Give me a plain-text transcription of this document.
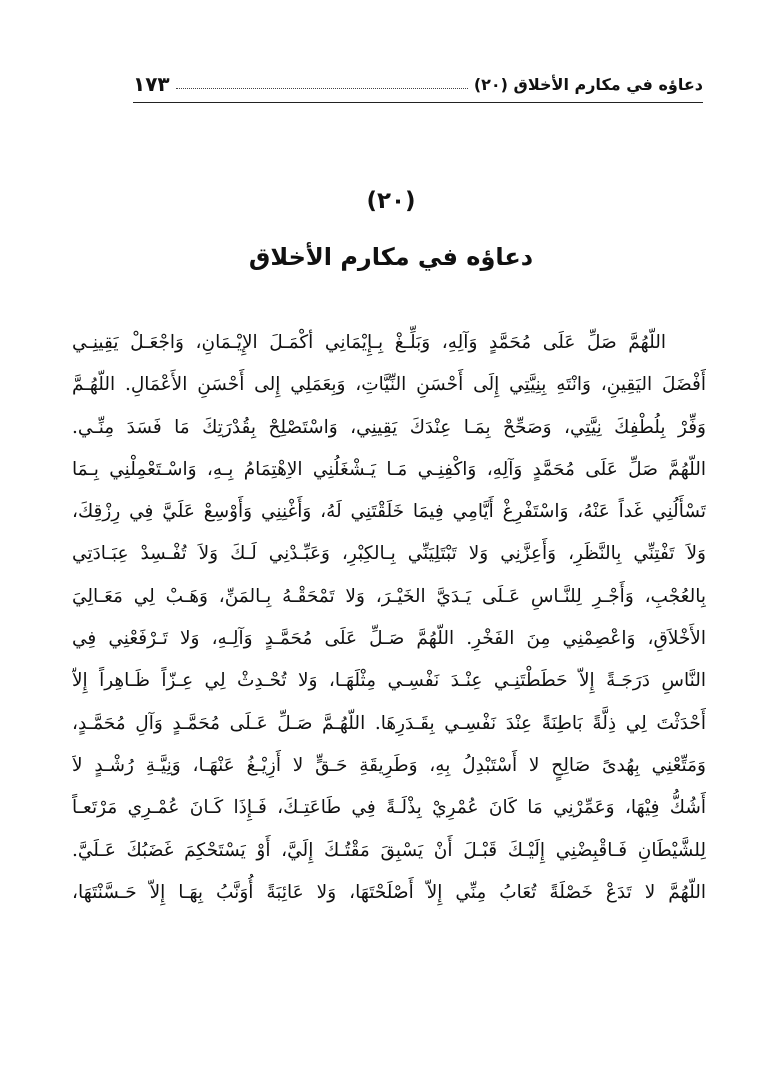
دعاؤه في مكارم الأخلاق (٢٠)
١٧٣
(٢٠)
دعاؤه في مكارم الأخلاق

اللّهُمَّ صَلِّ عَلَى مُحَمَّدٍ وَآلِهِ، وَبَلِّـغْ بِـإِيْمَانِي أكْمَـلَ الإِيْـمَانِ، وَاجْعَـلْ يَقِينِـي
أَفْضَلَ اليَقِينِ، وَانْتَهِ بِنِيَّتِي إِلَى أَحْسَنِ النِّيَّاتِ، وَبِعَمَلِي إِلى أَحْسَنِ الأَعْمَالِ. اللّهُـمَّ
وَفِّرْ بِلُطْفِكَ نِيَّتِي، وَصَحِّحْ بِمَـا عِنْدَكَ يَقِينِي، وَاسْتَصْلِحْ بِقُدْرَتِكَ مَا فَسَدَ مِنِّـي.
اللّهُمَّ صَلِّ عَلَى مُحَمَّدٍ وَآلِهِ، وَاكْفِنِـي مَـا يَـشْغَلُنِي الاِهْتِمَامُ بِـهِ، وَاسْـتَعْمِلْنِي بِـمَا
تَسْأَلُنِي غَداً عَنْهُ، وَاسْتَفْرِغْ أَيَّامِي فِيمَا خَلَقْتَنِي لَهُ، وَأَغْنِنِي وَأَوْسِعْ عَلَيَّ فِي رِزْقِكَ،
وَلاَ تَفْتِنِّي بِالنَّظَرِ، وَأَعِزَّنِي وَلا تَبْتَلِيَنِّي بِـالكِبْرِ، وَعَبِّـدْنِي لَـكَ وَلاَ تُفْـسِدْ عِبَـادَتِي
بِالعُجْبِ، وَأَجْـرِ لِلنَّـاسِ عَـلَى يَـدَيَّ الخَيْـرَ، وَلا تَمْحَقْـهُ بِـالمَنِّ، وَهَـبْ لِي مَعَـالِيَ
الأَخْلاَقِ، وَاعْصِمْنِي مِنَ الفَخْرِ. اللّهُمَّ صَـلِّ عَلَى مُحَمَّـدٍ وَآلِـهِ، وَلا تَـرْفَعْنِي فِي
النَّاسِ دَرَجَـةً إِلاّ حَطَطْتَنِـي عِنْـدَ نَفْسِـي مِثْلَهَـا، وَلا تُحْـدِثْ لِي عِـزّاً ظَـاهِراً إِلاّ
أَحْدَثْتَ لِي ذِلَّةً بَاطِنَةً عِنْدَ نَفْسِـي بِقَـدَرِهَا. اللّهُـمَّ صَـلِّ عَـلَى مُحَمَّـدٍ وَآلِ مُحَمَّـدٍ،
وَمَتِّعْنِي بِهُدىً صَالِحٍ لا أَسْتَبْدِلُ بِهِ، وَطَرِيقَةِ حَـقٍّ لا أَزِيْـغُ عَنْهَـا، وَنِيَّـةِ رُشْـدٍ لاَ
أَشُكُّ فِيْهَا، وَعَمِّرْنِي مَا كَانَ عُمْرِيْ بِذْلَـةً فِي طَاعَتِـكَ، فَـإِذَا كَـانَ عُمْـرِي مَرْتَعـاً
لِلشَّيْطَانِ فَـاقْبِضْنِي إِلَيْـكَ قَبْـلَ أَنْ يَسْبِقَ مَقْتُـكَ إِلَيَّ، أَوْ يَسْتَحْكِمَ غَضَبُكَ عَـلَيَّ.
اللّهُمَّ لا تَدَعْ خَصْلَةً تُعَابُ مِنِّي إِلاّ أَصْلَحْتَهَا، وَلا عَائِبَةً أُوَنَّبُ بِهَـا إِلاّ حَـسَّنْتَهَا،
